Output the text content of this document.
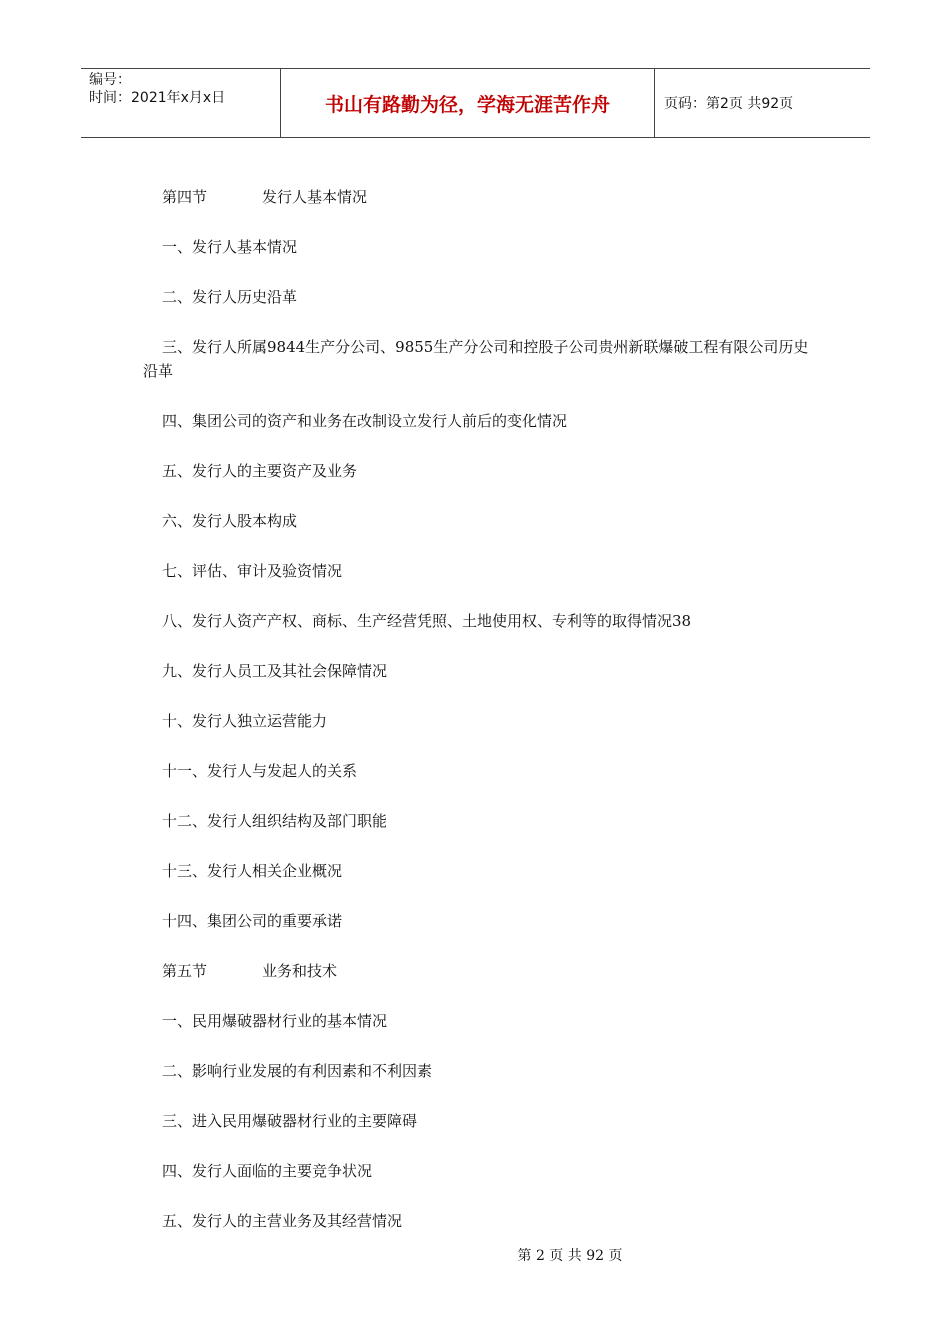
编号：
时间：2021年x月x日	书山有路勤为径，学海无涯苦作舟	页码：第2页 共92页
第四节	发行人基本情况
一、发行人基本情况
二、发行人历史沿革
三、发行人所属9844生产分公司、9855生产分公司和控股子公司贵州新联爆破工程有限公司历史沿革
四、集团公司的资产和业务在改制设立发行人前后的变化情况
五、发行人的主要资产及业务
六、发行人股本构成
七、评估、审计及验资情况
八、发行人资产产权、商标、生产经营凭照、土地使用权、专利等的取得情况38
九、发行人员工及其社会保障情况
十、发行人独立运营能力
十一、发行人与发起人的关系
十二、发行人组织结构及部门职能
十三、发行人相关企业概况
十四、集团公司的重要承诺
第五节	业务和技术
一、民用爆破器材行业的基本情况
二、影响行业发展的有利因素和不利因素
三、进入民用爆破器材行业的主要障碍
四、发行人面临的主要竞争状况
五、发行人的主营业务及其经营情况
第 2 页 共 92 页
